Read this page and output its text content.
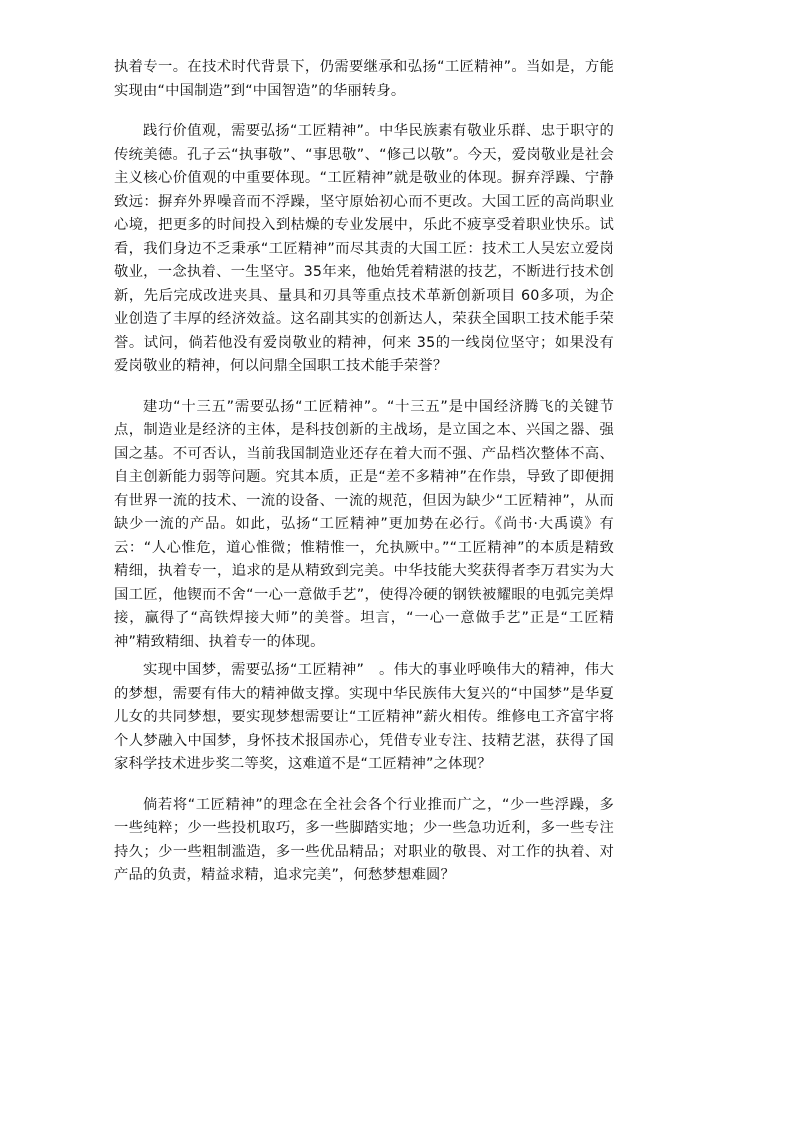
执着专一。在技术时代背景下，仍需要继承和弘扬“工匠精神”。当如是，方能实现由“中国制造”到“中国智造”的华丽转身。

践行价值观，需要弘扬“工匠精神”。中华民族素有敬业乐群、忠于职守的传统美德。孔子云“执事敬”、“事思敬”、“修己以敬”。今天，爱岗敬业是社会主义核心价值观的中重要体现。“工匠精神”就是敬业的体现。摒弃浮躁、宁静致远：摒弃外界噪音而不浮躁，坚守原始初心而不更改。大国工匠的高尚职业心境，把更多的时间投入到枯燥的专业发展中，乐此不疲享受着职业快乐。试看，我们身边不乏秉承“工匠精神”而尽其责的大国工匠：技术工人吴宏立爱岗敬业，一念执着、一生坚守。35年来，他始凭着精湛的技艺，不断进行技术创新，先后完成改进夹具、量具和刃具等重点技术革新创新项目 60多项，为企业创造了丰厚的经济效益。这名副其实的创新达人，荣获全国职工技术能手荣誉。试问，倘若他没有爱岗敬业的精神，何来 35的一线岗位坚守；如果没有爱岗敬业的精神，何以问鼎全国职工技术能手荣誉？

建功“十三五”需要弘扬“工匠精神”。“十三五”是中国经济腾飞的关键节点，制造业是经济的主体，是科技创新的主战场，是立国之本、兴国之器、强国之基。不可否认，当前我国制造业还存在着大而不强、产品档次整体不高、自主创新能力弱等问题。究其本质，正是“差不多精神”在作祟，导致了即便拥有世界一流的技术、一流的设备、一流的规范，但因为缺少“工匠精神”，从而缺少一流的产品。如此，弘扬“工匠精神”更加势在必行。《尚书·大禹谟》有云：“人心惟危，道心惟微；惟精惟一，允执厥中。”“工匠精神”的本质是精致精细，执着专一，追求的是从精致到完美。中华技能大奖获得者李万君实为大国工匠，他锲而不舍“一心一意做手艺”，使得冷硬的钢铁被耀眼的电弧完美焊接，赢得了“高铁焊接大师”的美誉。坦言，“一心一意做手艺”正是“工匠精神”精致精细、执着专一的体现。

实现中国梦，需要弘扬“工匠精神”　。伟大的事业呼唤伟大的精神，伟大的梦想，需要有伟大的精神做支撑。实现中华民族伟大复兴的“中国梦”是华夏儿女的共同梦想，要实现梦想需要让“工匠精神”薪火相传。维修电工齐富宇将个人梦融入中国梦，身怀技术报国赤心，凭借专业专注、技精艺湛，获得了国家科学技术进步奖二等奖，这难道不是“工匠精神”之体现？

倘若将“工匠精神”的理念在全社会各个行业推而广之，“少一些浮躁，多一些纯粹；少一些投机取巧，多一些脚踏实地；少一些急功近利，多一些专注持久；少一些粗制滥造，多一些优品精品；对职业的敬畏、对工作的执着、对产品的负责，精益求精，追求完美”，何愁梦想难圆？
